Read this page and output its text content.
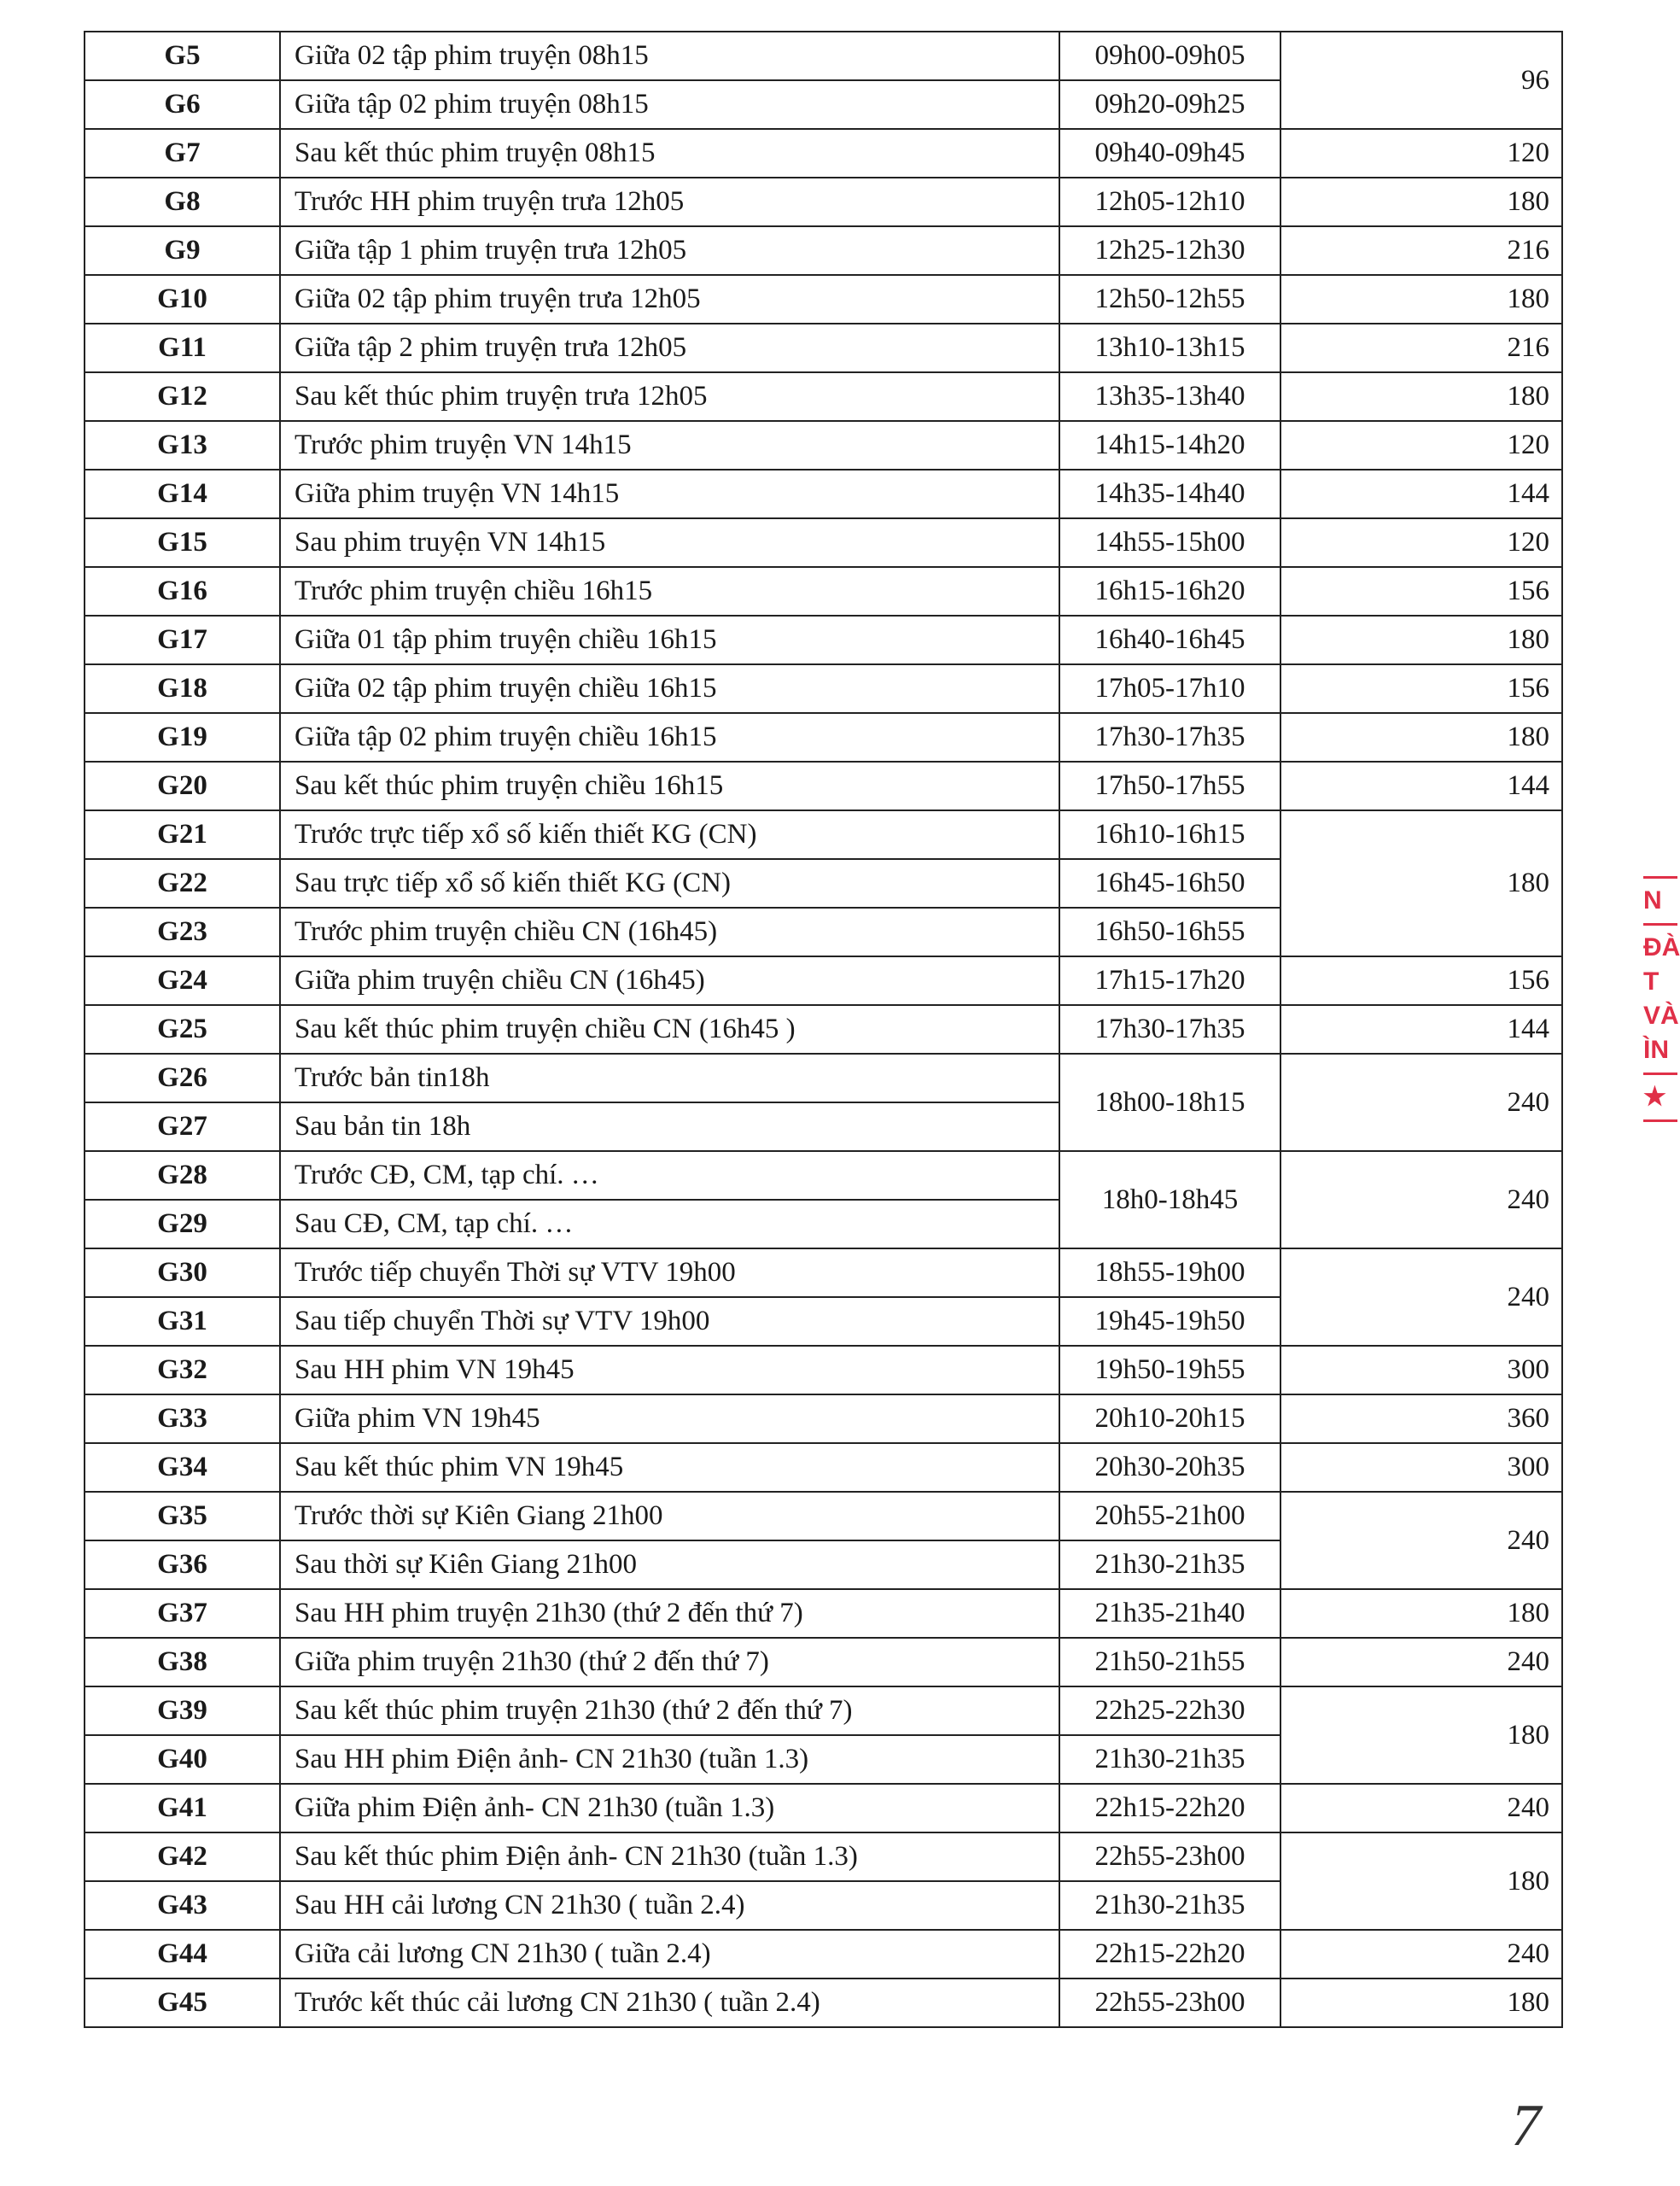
G5	Giữa 02 tập phim truyện 08h15	09h00-09h05	96
G6	Giữa tập 02 phim truyện 08h15	09h20-09h25	
G7	Sau kết thúc phim truyện 08h15	09h40-09h45	120
G8	Trước HH phim truyện trưa 12h05	12h05-12h10	180
G9	Giữa tập 1 phim truyện trưa 12h05	12h25-12h30	216
G10	Giữa 02 tập phim truyện trưa 12h05	12h50-12h55	180
G11	Giữa tập 2 phim truyện trưa 12h05	13h10-13h15	216
G12	Sau kết thúc phim truyện trưa 12h05	13h35-13h40	180
G13	Trước phim truyện VN 14h15	14h15-14h20	120
G14	Giữa phim truyện VN 14h15	14h35-14h40	144
G15	Sau phim truyện VN 14h15	14h55-15h00	120
G16	Trước phim truyện chiều 16h15	16h15-16h20	156
G17	Giữa 01 tập phim truyện chiều 16h15	16h40-16h45	180
G18	Giữa 02 tập phim truyện chiều 16h15	17h05-17h10	156
G19	Giữa tập 02 phim truyện chiều 16h15	17h30-17h35	180
G20	Sau kết thúc phim truyện chiều 16h15	17h50-17h55	144
G21	Trước trực tiếp xổ số kiến thiết KG (CN)	16h10-16h15	180
G22	Sau trực tiếp xổ số kiến thiết KG (CN)	16h45-16h50	
G23	Trước phim truyện chiều CN (16h45)	16h50-16h55	
G24	Giữa phim truyện chiều CN (16h45)	17h15-17h20	156
G25	Sau kết thúc phim truyện chiều CN (16h45 )	17h30-17h35	144
G26	Trước bản tin18h	18h00-18h15	240
G27	Sau bản tin 18h		
G28	Trước CĐ, CM, tạp chí. …	18h0-18h45	240
G29	Sau CĐ, CM, tạp chí. …		
G30	Trước tiếp chuyển Thời sự VTV 19h00	18h55-19h00	240
G31	Sau tiếp chuyển Thời sự VTV 19h00	19h45-19h50	
G32	Sau HH phim VN 19h45	19h50-19h55	300
G33	Giữa phim VN 19h45	20h10-20h15	360
G34	Sau kết thúc phim VN 19h45	20h30-20h35	300
G35	Trước thời sự Kiên Giang 21h00	20h55-21h00	240
G36	Sau thời sự Kiên Giang 21h00	21h30-21h35	
G37	Sau HH phim truyện 21h30 (thứ 2 đến thứ 7)	21h35-21h40	180
G38	Giữa phim truyện 21h30 (thứ 2 đến thứ 7)	21h50-21h55	240
G39	Sau kết thúc phim truyện 21h30 (thứ 2 đến thứ 7)	22h25-22h30	180
G40	Sau HH phim Điện ảnh- CN 21h30 (tuần 1.3)	21h30-21h35	
G41	Giữa phim Điện ảnh- CN 21h30 (tuần 1.3)	22h15-22h20	240
G42	Sau kết thúc phim Điện ảnh- CN 21h30 (tuần 1.3)	22h55-23h00	180
G43	Sau HH cải lương CN 21h30 ( tuần 2.4)	21h30-21h35	
G44	Giữa cải lương CN 21h30 ( tuần 2.4)	22h15-22h20	240
G45	Trước kết thúc cải lương CN 21h30 ( tuần 2.4)	22h55-23h00	180
N
ĐÀ
T
VÀ
ÌN
★
7
